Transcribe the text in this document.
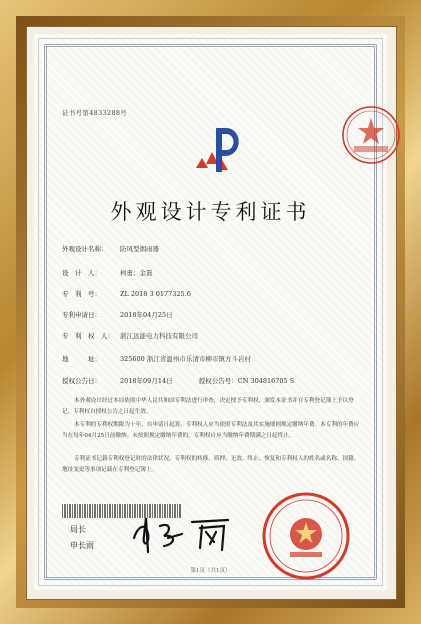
证书号第4833288号
外观设计专利证书
外观设计名称： 防风型烟雨器
设　计　人：	柯勇；金磊
专　利　号：	ZL 2018 3 0177325.6
专利申请日：	2018年04月25日
专　利　权　人： 浙江远能电力科技有限公司
地　　　址：	325600 浙江省温州市乐清市柳市镇方斗岩村
授权公告日：	2018年09月14日	授权公告号：CN 304816705 S
本外观设计经过本局依照中华人民共和国专利法进行审查，决定授予专利权，颁发本证书并在专利登记簿上予以登记。专利权自授权公告之日起生效。
本专利的专利权期限为十年，自申请日起算。专利权人应当依照专利法及其实施细则规定缴纳年费。本专利的年费应当在每年04月25日前缴纳。未按照规定缴纳年费的，专利权自应当缴纳年费期满之日起终止。
专利证书记载专利权登记时的法律状况。专利权的转移、质押、无效、终止、恢复和专利权人的姓名或名称、国籍、地址变更等事项记载在专利登记簿上。
局长
申长雨
第1页（共1页）
